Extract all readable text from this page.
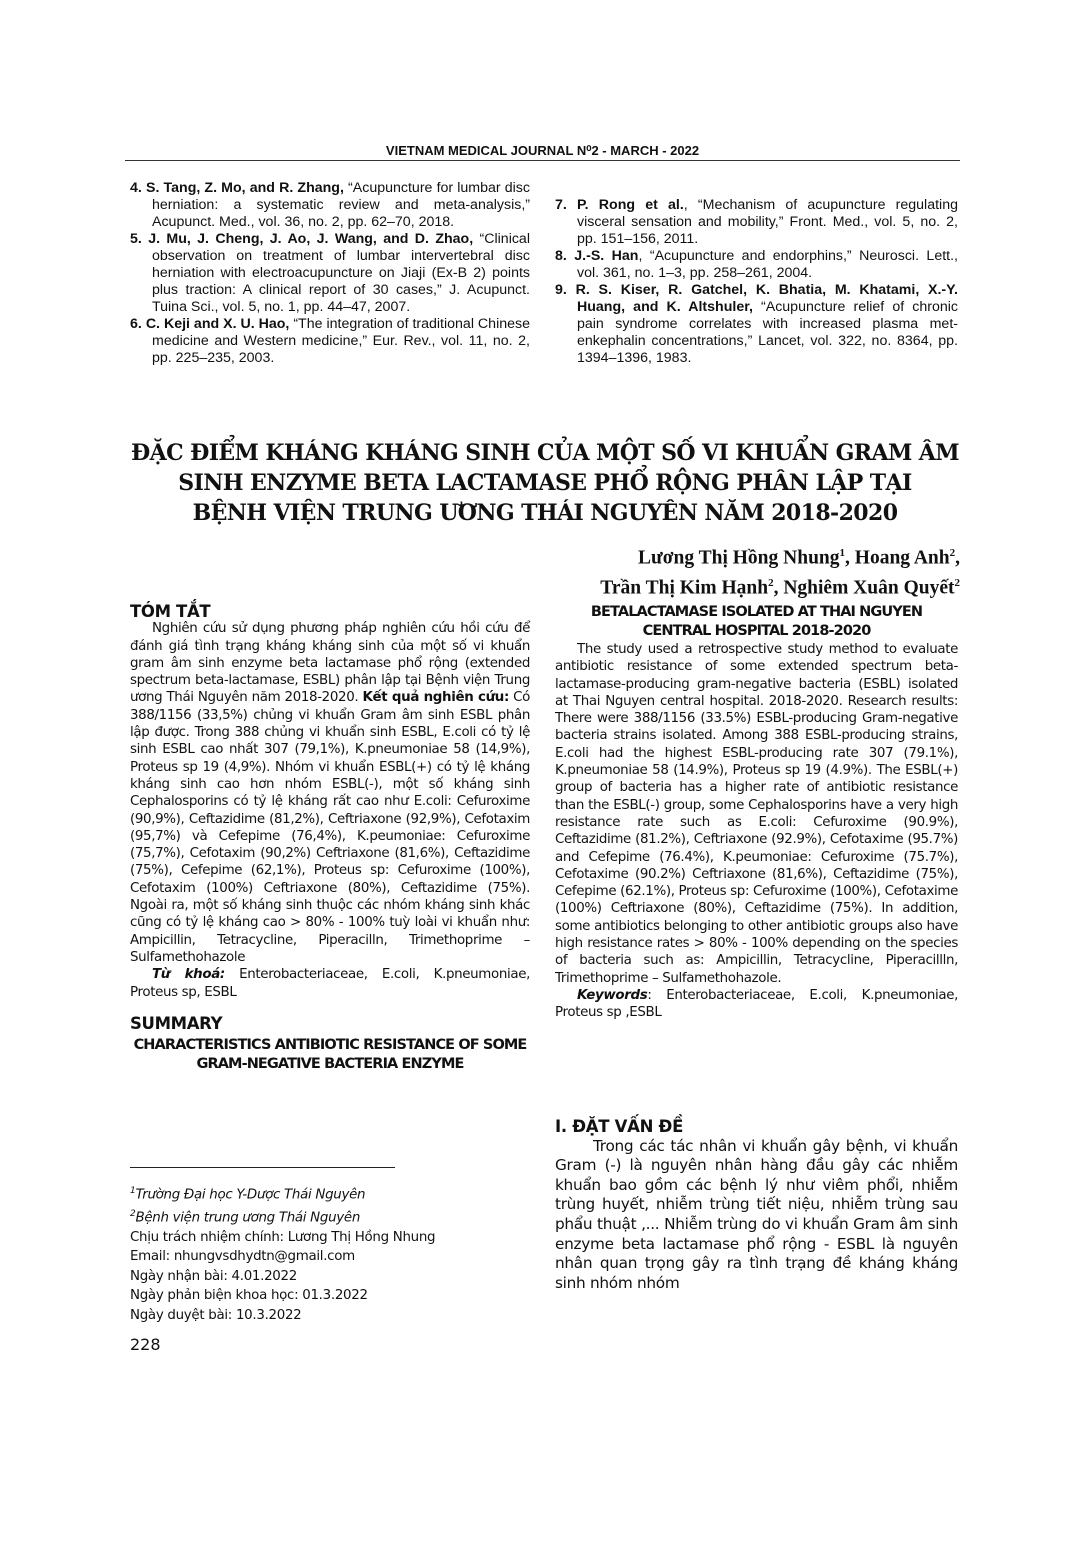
VIETNAM MEDICAL JOURNAL N⁰2 - MARCH - 2022

4. S. Tang, Z. Mo, and R. Zhang, “Acupuncture for lumbar disc herniation: a systematic review and meta-analysis,” Acupunct. Med., vol. 36, no. 2, pp. 62–70, 2018.

5. J. Mu, J. Cheng, J. Ao, J. Wang, and D. Zhao, “Clinical observation on treatment of lumbar intervertebral disc herniation with electroacupuncture on Jiaji (Ex-B 2) points plus traction: A clinical report of 30 cases,” J. Acupunct. Tuina Sci., vol. 5, no. 1, pp. 44–47, 2007.

6. C. Keji and X. U. Hao, “The integration of traditional Chinese medicine and Western medicine,” Eur. Rev., vol. 11, no. 2, pp. 225–235, 2003.

7. P. Rong et al., “Mechanism of acupuncture regulating visceral sensation and mobility,” Front. Med., vol. 5, no. 2, pp. 151–156, 2011.

8. J.-S. Han, “Acupuncture and endorphins,” Neurosci. Lett., vol. 361, no. 1–3, pp. 258–261, 2004.

9. R. S. Kiser, R. Gatchel, K. Bhatia, M. Khatami, X.-Y. Huang, and K. Altshuler, “Acupuncture relief of chronic pain syndrome correlates with increased plasma met-enkephalin concentrations,” Lancet, vol. 322, no. 8364, pp. 1394–1396, 1983.

ĐẶC ĐIỂM KHÁNG KHÁNG SINH CỦA MỘT SỐ VI KHUẨN GRAM ÂM
SINH ENZYME BETA LACTAMASE PHỔ RỘNG PHÂN LẬP TẠI
BỆNH VIỆN TRUNG ƯƠNG THÁI NGUYÊN NĂM 2018-2020
Lương Thị Hồng Nhung$^1$, Hoang Anh$^2$,
Trần Thị Kim Hạnh$^2$, Nghiêm Xuân Quyết$^2$
TÓM TẮT

Nghiên cứu sử dụng phương pháp nghiên cứu hồi cứu để đánh giá tình trạng kháng kháng sinh của một số vi khuẩn gram âm sinh enzyme beta lactamase phổ rộng (extended spectrum beta-lactamase, ESBL) phân lập tại Bệnh viện Trung ương Thái Nguyên năm 2018-2020. Kết quả nghiên cứu: Có 388/1156 (33,5%) chủng vi khuẩn Gram âm sinh ESBL phân lập được. Trong 388 chủng vi khuẩn sinh ESBL, E.coli có tỷ lệ sinh ESBL cao nhất 307 (79,1%), K.pneumoniae 58 (14,9%), Proteus sp 19 (4,9%). Nhóm vi khuẩn ESBL(+) có tỷ lệ kháng kháng sinh cao hơn nhóm ESBL(-), một số kháng sinh Cephalosporins có tỷ lệ kháng rất cao như E.coli: Cefuroxime (90,9%), Ceftazidime (81,2%), Ceftriaxone (92,9%), Cefotaxim (95,7%) và Cefepime (76,4%), K.peumoniae: Cefuroxime (75,7%), Cefotaxim (90,2%) Ceftriaxone (81,6%), Ceftazidime (75%), Cefepime (62,1%), Proteus sp: Cefuroxime (100%), Cefotaxim (100%) Ceftriaxone (80%), Ceftazidime (75%). Ngoài ra, một số kháng sinh thuộc các nhóm kháng sinh khác cũng có tỷ lệ kháng cao > 80% - 100% tuỳ loài vi khuẩn như: Ampicillin, Tetracycline, Piperacilln, Trimethoprime – Sulfamethohazole

Từ khoá: Enterobacteriaceae, E.coli, K.pneumoniae, Proteus sp, ESBL

SUMMARY
CHARACTERISTICS ANTIBIOTIC RESISTANCE OF SOME GRAM-NEGATIVE BACTERIA ENZYME
BETALACTAMASE ISOLATED AT THAI NGUYEN CENTRAL HOSPITAL 2018-2020

The study used a retrospective study method to evaluate antibiotic resistance of some extended spectrum beta-lactamase-producing gram-negative bacteria (ESBL) isolated at Thai Nguyen central hospital. 2018-2020. Research results: There were 388/1156 (33.5%) ESBL-producing Gram-negative bacteria strains isolated. Among 388 ESBL-producing strains, E.coli had the highest ESBL-producing rate 307 (79.1%), K.pneumoniae 58 (14.9%), Proteus sp 19 (4.9%). The ESBL(+) group of bacteria has a higher rate of antibiotic resistance than the ESBL(-) group, some Cephalosporins have a very high resistance rate such as E.coli: Cefuroxime (90.9%), Ceftazidime (81.2%), Ceftriaxone (92.9%), Cefotaxime (95.7%) and Cefepime (76.4%), K.peumoniae: Cefuroxime (75.7%), Cefotaxime (90.2%) Ceftriaxone (81,6%), Ceftazidime (75%), Cefepime (62.1%), Proteus sp: Cefuroxime (100%), Cefotaxime (100%) Ceftriaxone (80%), Ceftazidime (75%). In addition, some antibiotics belonging to other antibiotic groups also have high resistance rates > 80% - 100% depending on the species of bacteria such as: Ampicillin, Tetracycline, Piperacillln, Trimethoprime – Sulfamethohazole.

Keywords: Enterobacteriaceae, E.coli, K.pneumoniae, Proteus sp ,ESBL

$^1$Trường Đại học Y-Dược Thái Nguyên
$^2$Bệnh viện trung ương Thái Nguyên
Chịu trách nhiệm chính: Lương Thị Hồng Nhung
Email: nhungvsdhydtn@gmail.com
Ngày nhận bài: 4.01.2022
Ngày phản biện khoa học: 01.3.2022
Ngày duyệt bài: 10.3.2022
228
I. ĐẶT VẤN ĐỀ

Trong các tác nhân vi khuẩn gây bệnh, vi khuẩn Gram (-) là nguyên nhân hàng đầu gây các nhiễm khuẩn bao gồm các bệnh lý như viêm phổi, nhiễm trùng huyết, nhiễm trùng tiết niệu, nhiễm trùng sau phẩu thuật ,... Nhiễm trùng do vi khuẩn Gram âm sinh enzyme beta lactamase phổ rộng - ESBL là nguyên nhân quan trọng gây ra tình trạng đề kháng kháng sinh nhóm nhóm
